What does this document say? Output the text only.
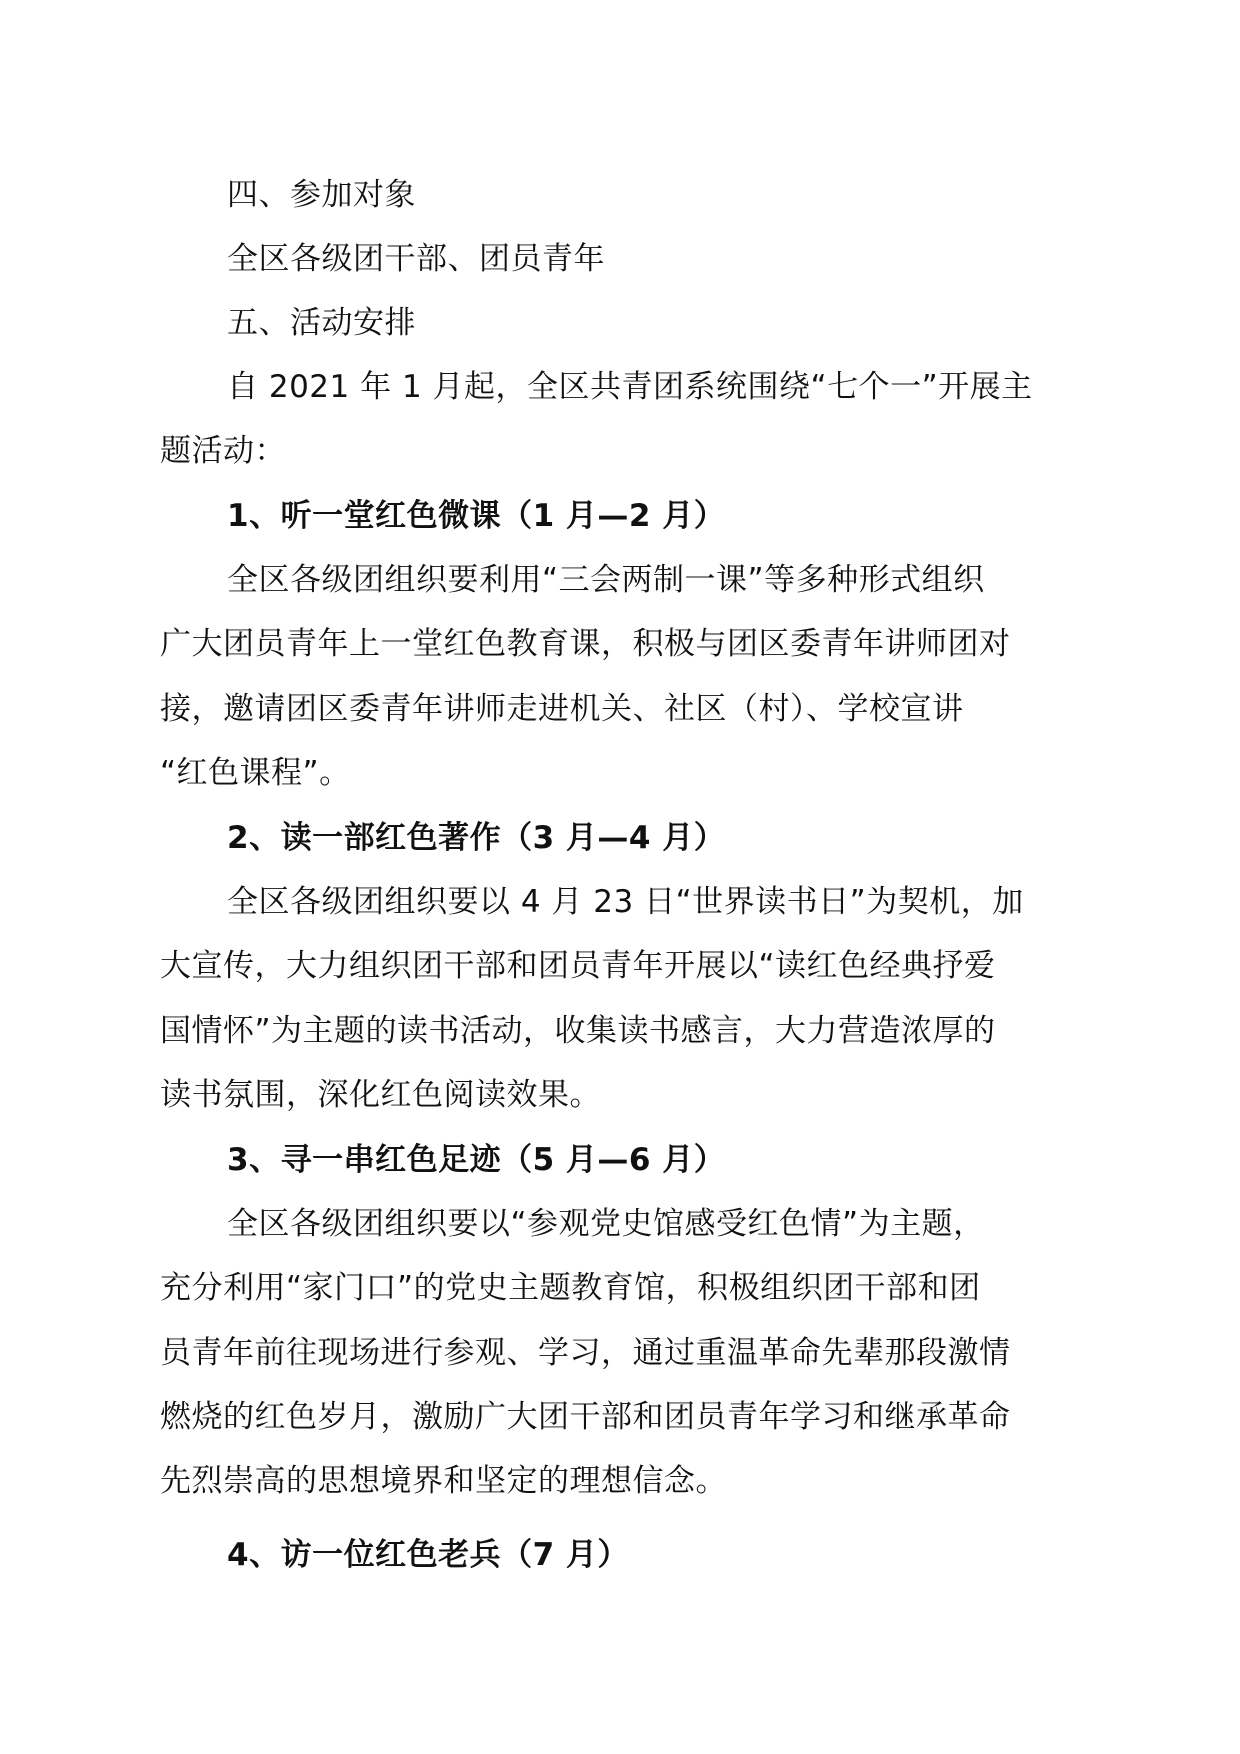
四、参加对象

全区各级团干部、团员青年

五、活动安排

自 2021 年 1 月起，全区共青团系统围绕“七个一”开展主

题活动：

1、听一堂红色微课（1 月—2 月）

全区各级团组织要利用“三会两制一课”等多种形式组织

广大团员青年上一堂红色教育课，积极与团区委青年讲师团对

接，邀请团区委青年讲师走进机关、社区（村）、学校宣讲

“红色课程”。

2、读一部红色著作（3 月—4 月）

全区各级团组织要以 4 月 23 日“世界读书日”为契机，加

大宣传，大力组织团干部和团员青年开展以“读红色经典抒爱

国情怀”为主题的读书活动，收集读书感言，大力营造浓厚的

读书氛围，深化红色阅读效果。

3、寻一串红色足迹（5 月—6 月）

全区各级团组织要以“参观党史馆感受红色情”为主题，

充分利用“家门口”的党史主题教育馆，积极组织团干部和团

员青年前往现场进行参观、学习，通过重温革命先辈那段激情

燃烧的红色岁月，激励广大团干部和团员青年学习和继承革命

先烈崇高的思想境界和坚定的理想信念。

4、访一位红色老兵（7 月）
